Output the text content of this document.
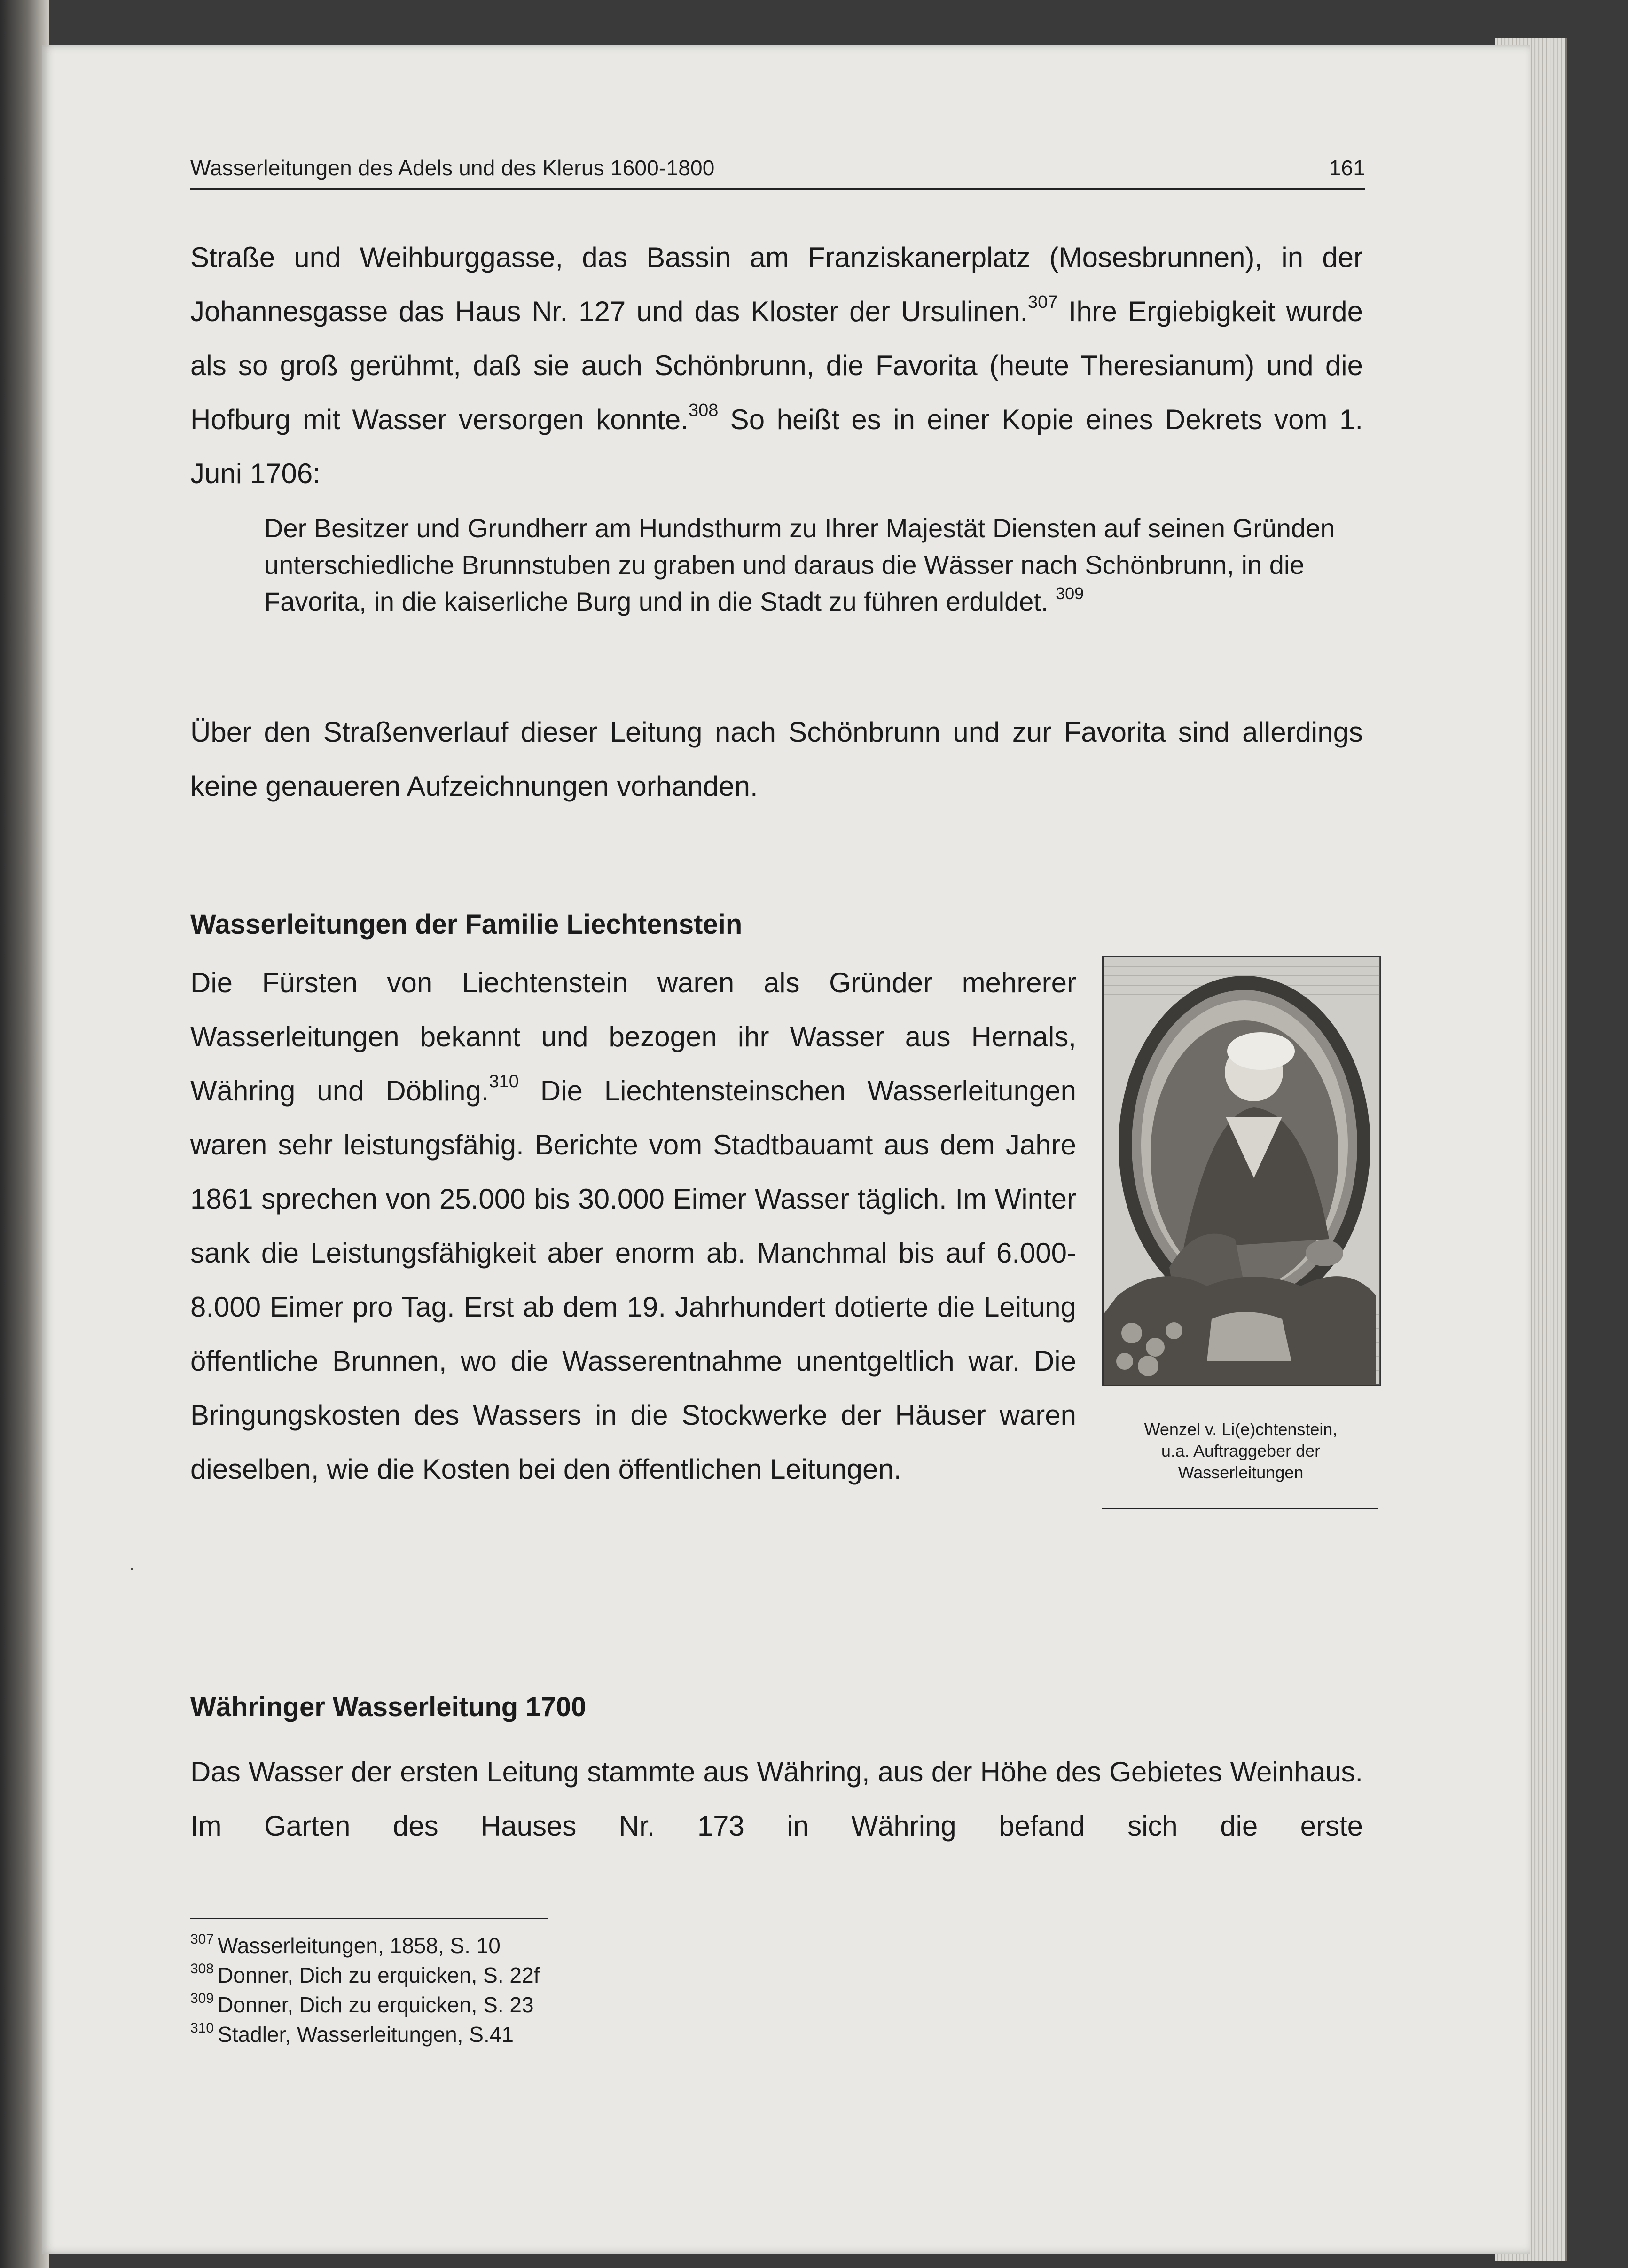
Wasserleitungen des Adels und des Klerus 1600-1800	161

Straße und Weihburggasse, das Bassin am Franziskanerplatz (Mosesbrunnen), in der Johannesgasse das Haus Nr. 127 und das Kloster der Ursulinen.$^{307}$ Ihre Ergiebigkeit wurde als so groß gerühmt, daß sie auch Schönbrunn, die Favorita (heute Theresianum) und die Hofburg mit Wasser versorgen konnte.$^{308}$ So heißt es in einer Kopie eines Dekrets vom 1. Juni 1706:

Der Besitzer und Grundherr am Hundsthurm zu Ihrer Majestät Diensten auf seinen Gründen unterschiedliche Brunnstuben zu graben und daraus die Wässer nach Schönbrunn, in die Favorita, in die kaiserliche Burg und in die Stadt zu führen erduldet. $^{309}$

Über den Straßenverlauf dieser Leitung nach Schönbrunn und zur Favorita sind allerdings keine genaueren Aufzeichnungen vorhanden.

Wasserleitungen der Familie Liechtenstein

Die Fürsten von Liechtenstein waren als Gründer mehrerer Wasserleitungen bekannt und bezogen ihr Wasser aus Hernals, Währing und Döbling.$^{310}$ Die Liechtensteinschen Wasserleitungen waren sehr leistungsfähig. Berichte vom Stadtbauamt aus dem Jahre 1861 sprechen von 25.000 bis 30.000 Eimer Wasser täglich. Im Winter sank die Leistungsfähigkeit aber enorm ab. Manchmal bis auf 6.000-8.000 Eimer pro Tag. Erst ab dem 19. Jahrhundert dotierte die Leitung öffentliche Brunnen, wo die Wasserentnahme unentgeltlich war. Die Bringungskosten des Wassers in die Stockwerke der Häuser waren dieselben, wie die Kosten bei den öffentlichen Leitungen.

Wenzel v. Li(e)chtenstein,
u.a. Auftraggeber der
Wasserleitungen

Währinger Wasserleitung 1700

Das Wasser der ersten Leitung stammte aus Währing, aus der Höhe des Gebietes Weinhaus. Im Garten des Hauses Nr. 173 in Währing befand sich die erste

$^{307}$ Wasserleitungen, 1858, S. 10

$^{308}$ Donner, Dich zu erquicken, S. 22f

$^{309}$ Donner, Dich zu erquicken, S. 23

$^{310}$ Stadler, Wasserleitungen, S.41
